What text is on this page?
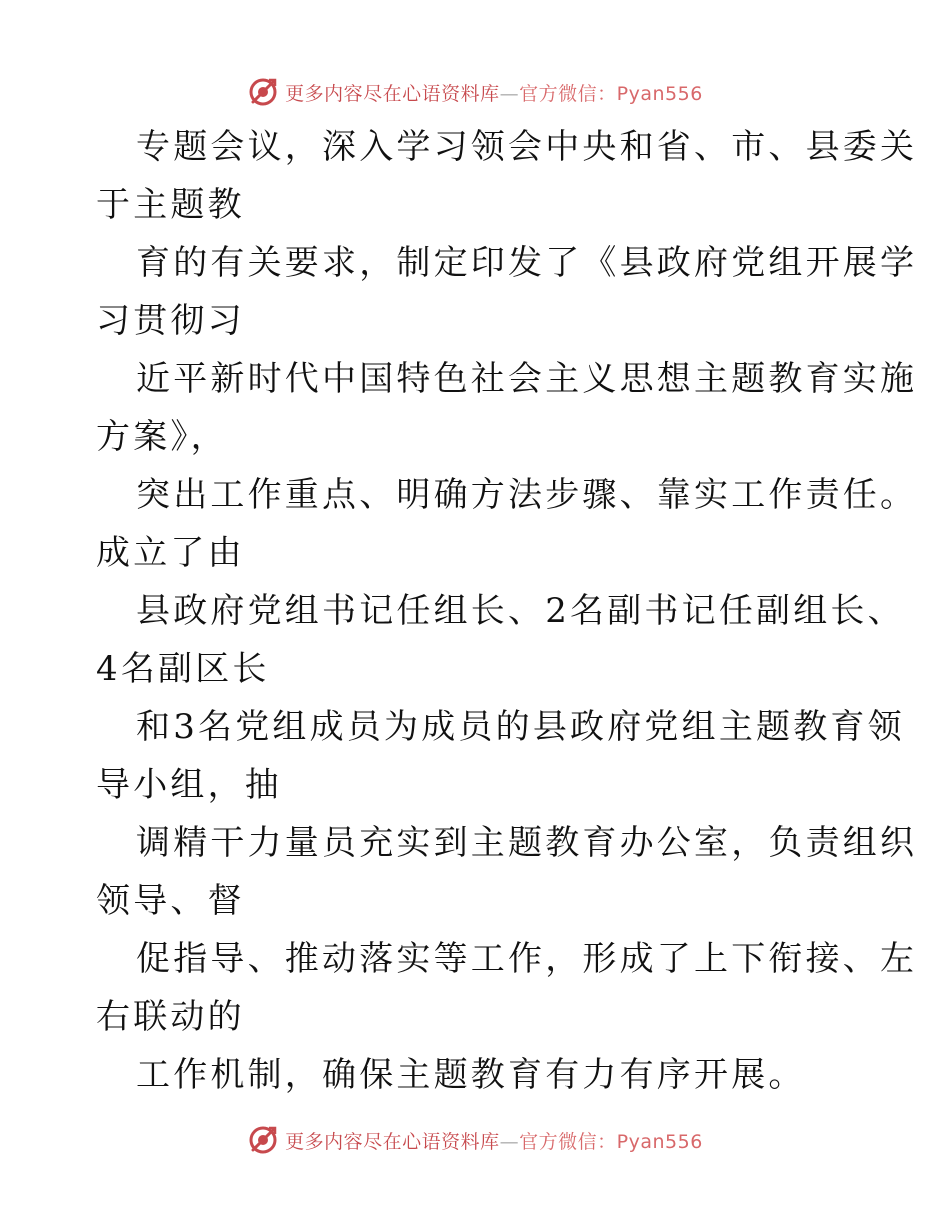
更多内容尽在心语资料库—官方微信：Pyan556
专题会议，深入学习领会中央和省、市、县委关
于主题教
育的有关要求，制定印发了《县政府党组开展学
习贯彻习
近平新时代中国特色社会主义思想主题教育实施
方案》，
突出工作重点、明确方法步骤、靠实工作责任。
成立了由
县政府党组书记任组长、2名副书记任副组长、
4名副区长
和3名党组成员为成员的县政府党组主题教育领
导小组，抽
调精干力量员充实到主题教育办公室，负责组织
领导、督
促指导、推动落实等工作，形成了上下衔接、左
右联动的
工作机制，确保主题教育有力有序开展。
更多内容尽在心语资料库—官方微信：Pyan556
